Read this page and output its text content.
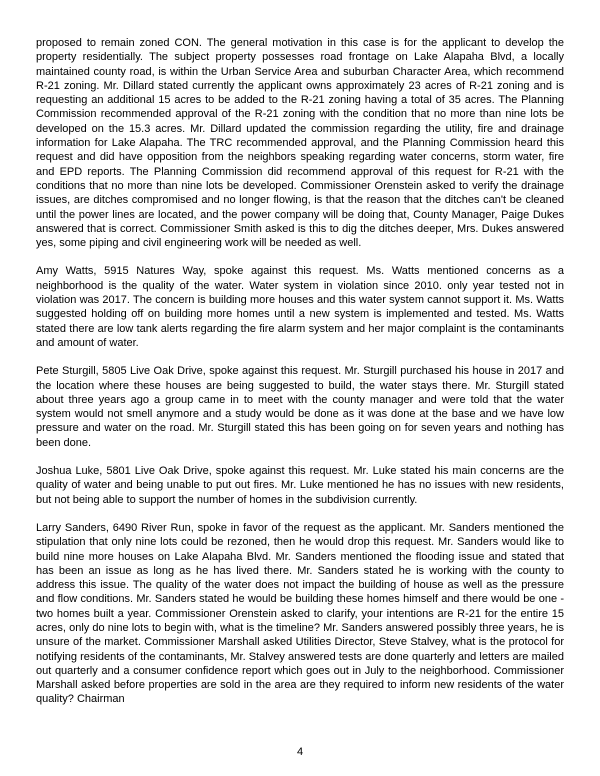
proposed to remain zoned CON. The general motivation in this case is for the applicant to develop the property residentially. The subject property possesses road frontage on Lake Alapaha Blvd, a locally maintained county road, is within the Urban Service Area and suburban Character Area, which recommend R-21 zoning. Mr. Dillard stated currently the applicant owns approximately 23 acres of R-21 zoning and is requesting an additional 15 acres to be added to the R-21 zoning having a total of 35 acres. The Planning Commission recommended approval of the R-21 zoning with the condition that no more than nine lots be developed on the 15.3 acres. Mr. Dillard updated the commission regarding the utility, fire and drainage information for Lake Alapaha. The TRC recommended approval, and the Planning Commission heard this request and did have opposition from the neighbors speaking regarding water concerns, storm water, fire and EPD reports. The Planning Commission did recommend approval of this request for R-21 with the conditions that no more than nine lots be developed. Commissioner Orenstein asked to verify the drainage issues, are ditches compromised and no longer flowing, is that the reason that the ditches can't be cleaned until the power lines are located, and the power company will be doing that, County Manager, Paige Dukes answered that is correct. Commissioner Smith asked is this to dig the ditches deeper, Mrs. Dukes answered yes, some piping and civil engineering work will be needed as well.

Amy Watts, 5915 Natures Way, spoke against this request. Ms. Watts mentioned concerns as a neighborhood is the quality of the water. Water system in violation since 2010. only year tested not in violation was 2017. The concern is building more houses and this water system cannot support it. Ms. Watts suggested holding off on building more homes until a new system is implemented and tested. Ms. Watts stated there are low tank alerts regarding the fire alarm system and her major complaint is the contaminants and amount of water.

Pete Sturgill, 5805 Live Oak Drive, spoke against this request. Mr. Sturgill purchased his house in 2017 and the location where these houses are being suggested to build, the water stays there. Mr. Sturgill stated about three years ago a group came in to meet with the county manager and were told that the water system would not smell anymore and a study would be done as it was done at the base and we have low pressure and water on the road. Mr. Sturgill stated this has been going on for seven years and nothing has been done.

Joshua Luke, 5801 Live Oak Drive, spoke against this request. Mr. Luke stated his main concerns are the quality of water and being unable to put out fires. Mr. Luke mentioned he has no issues with new residents, but not being able to support the number of homes in the subdivision currently.

Larry Sanders, 6490 River Run, spoke in favor of the request as the applicant. Mr. Sanders mentioned the stipulation that only nine lots could be rezoned, then he would drop this request. Mr. Sanders would like to build nine more houses on Lake Alapaha Blvd. Mr. Sanders mentioned the flooding issue and stated that has been an issue as long as he has lived there. Mr. Sanders stated he is working with the county to address this issue. The quality of the water does not impact the building of house as well as the pressure and flow conditions. Mr. Sanders stated he would be building these homes himself and there would be one - two homes built a year. Commissioner Orenstein asked to clarify, your intentions are R-21 for the entire 15 acres, only do nine lots to begin with, what is the timeline? Mr. Sanders answered possibly three years, he is unsure of the market. Commissioner Marshall asked Utilities Director, Steve Stalvey, what is the protocol for notifying residents of the contaminants, Mr. Stalvey answered tests are done quarterly and letters are mailed out quarterly and a consumer confidence report which goes out in July to the neighborhood. Commissioner Marshall asked before properties are sold in the area are they required to inform new residents of the water quality? Chairman

4
